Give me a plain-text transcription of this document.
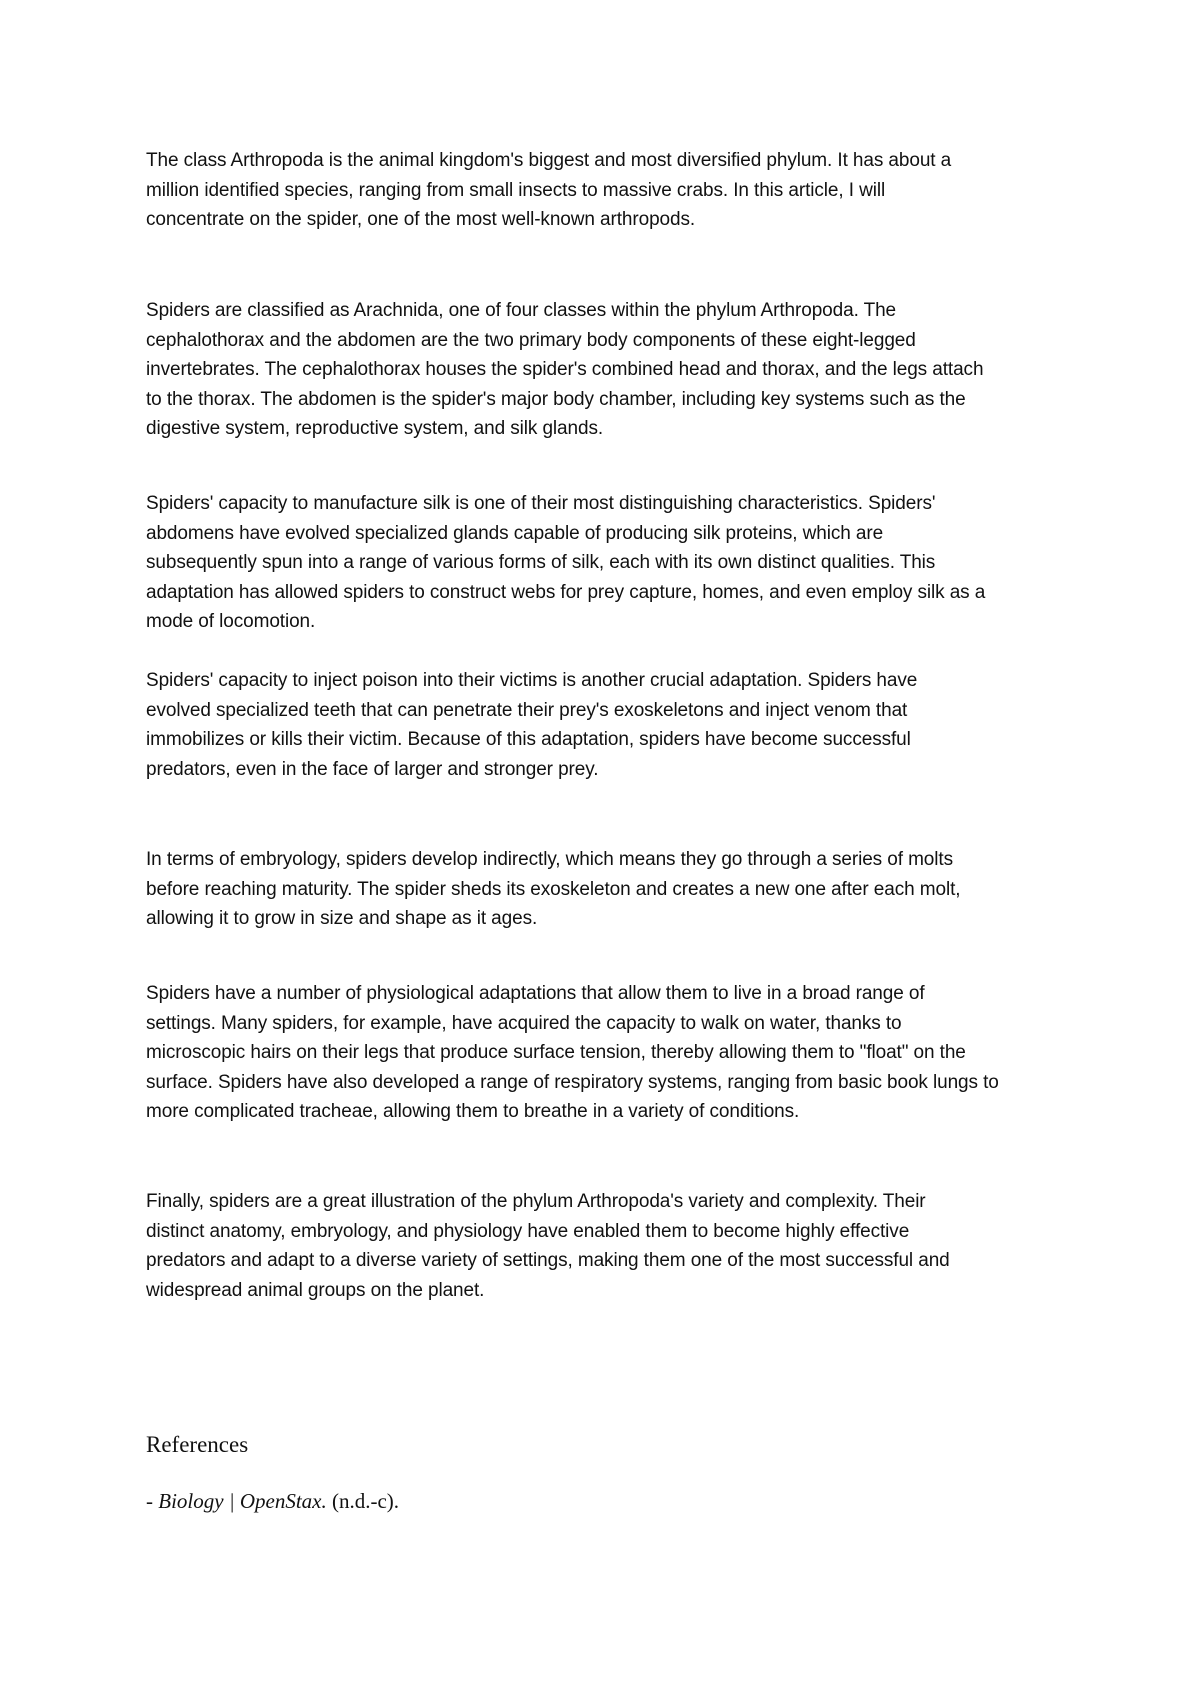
The class Arthropoda is the animal kingdom's biggest and most diversified phylum. It has about a
million identified species, ranging from small insects to massive crabs. In this article, I will
concentrate on the spider, one of the most well-known arthropods.

Spiders are classified as Arachnida, one of four classes within the phylum Arthropoda. The
cephalothorax and the abdomen are the two primary body components of these eight-legged
invertebrates. The cephalothorax houses the spider's combined head and thorax, and the legs attach
to the thorax. The abdomen is the spider's major body chamber, including key systems such as the
digestive system, reproductive system, and silk glands.

Spiders' capacity to manufacture silk is one of their most distinguishing characteristics. Spiders'
abdomens have evolved specialized glands capable of producing silk proteins, which are
subsequently spun into a range of various forms of silk, each with its own distinct qualities. This
adaptation has allowed spiders to construct webs for prey capture, homes, and even employ silk as a
mode of locomotion.

Spiders' capacity to inject poison into their victims is another crucial adaptation. Spiders have
evolved specialized teeth that can penetrate their prey's exoskeletons and inject venom that
immobilizes or kills their victim. Because of this adaptation, spiders have become successful
predators, even in the face of larger and stronger prey.

In terms of embryology, spiders develop indirectly, which means they go through a series of molts
before reaching maturity. The spider sheds its exoskeleton and creates a new one after each molt,
allowing it to grow in size and shape as it ages.

Spiders have a number of physiological adaptations that allow them to live in a broad range of
settings. Many spiders, for example, have acquired the capacity to walk on water, thanks to
microscopic hairs on their legs that produce surface tension, thereby allowing them to "float" on the
surface. Spiders have also developed a range of respiratory systems, ranging from basic book lungs to
more complicated tracheae, allowing them to breathe in a variety of conditions.

Finally, spiders are a great illustration of the phylum Arthropoda's variety and complexity. Their
distinct anatomy, embryology, and physiology have enabled them to become highly effective
predators and adapt to a diverse variety of settings, making them one of the most successful and
widespread animal groups on the planet.

References

- Biology | OpenStax. (n.d.-c).
